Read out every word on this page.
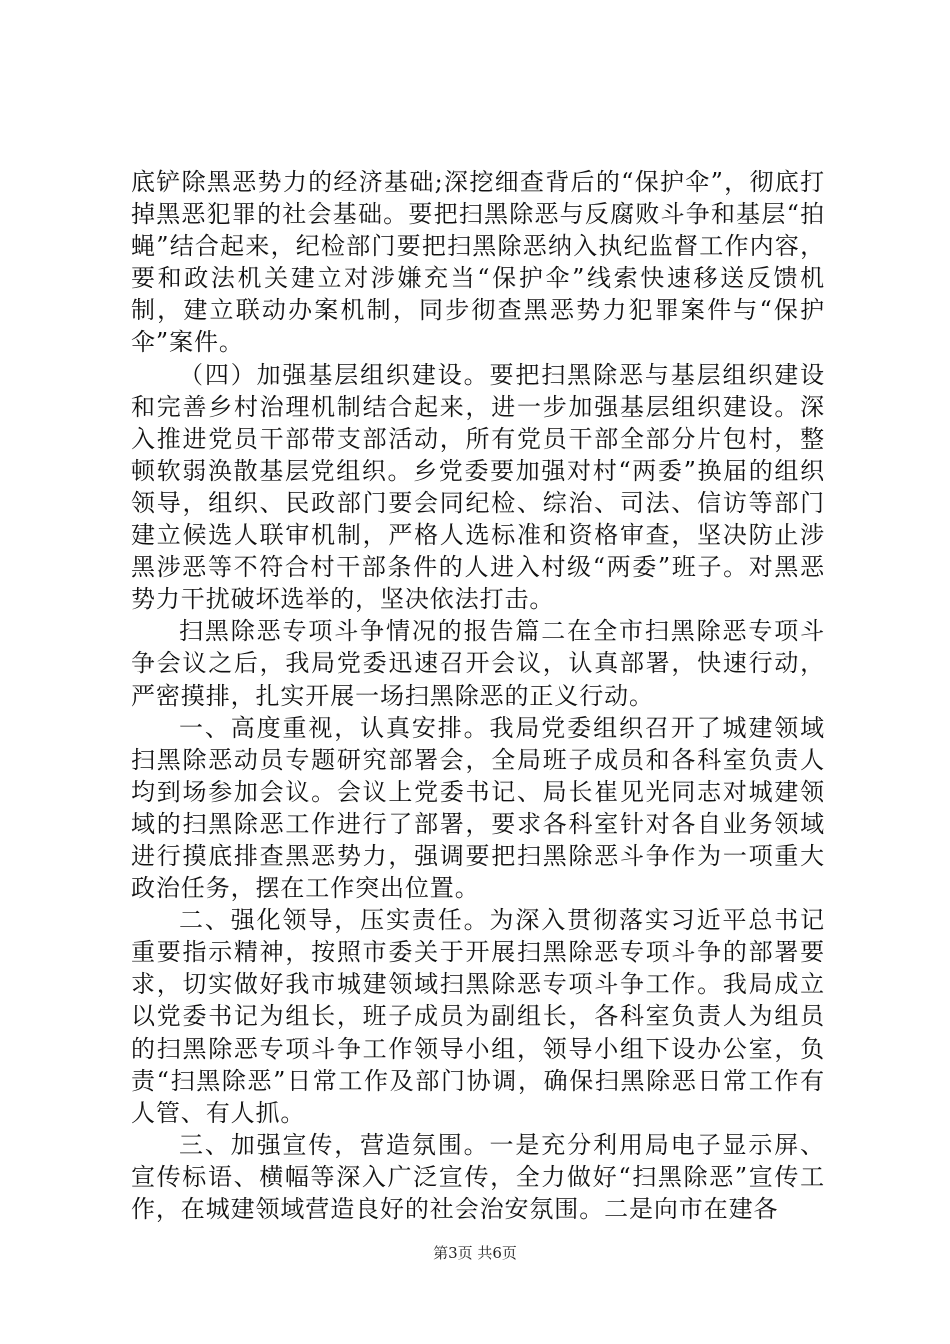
底铲除黑恶势力的经济基础;深挖细查背后的“保护伞”，彻底打掉黑恶犯罪的社会基础。要把扫黑除恶与反腐败斗争和基层“拍蝇”结合起来，纪检部门要把扫黑除恶纳入执纪监督工作内容，要和政法机关建立对涉嫌充当“保护伞”线索快速移送反馈机制，建立联动办案机制，同步彻查黑恶势力犯罪案件与“保护伞”案件。

（四）加强基层组织建设。要把扫黑除恶与基层组织建设和完善乡村治理机制结合起来，进一步加强基层组织建设。深入推进党员干部带支部活动，所有党员干部全部分片包村，整顿软弱涣散基层党组织。乡党委要加强对村“两委”换届的组织领导，组织、民政部门要会同纪检、综治、司法、信访等部门建立候选人联审机制，严格人选标准和资格审查，坚决防止涉黑涉恶等不符合村干部条件的人进入村级“两委”班子。对黑恶势力干扰破坏选举的，坚决依法打击。

扫黑除恶专项斗争情况的报告篇二在全市扫黑除恶专项斗争会议之后，我局党委迅速召开会议，认真部署，快速行动，严密摸排，扎实开展一场扫黑除恶的正义行动。

一、高度重视，认真安排。我局党委组织召开了城建领域扫黑除恶动员专题研究部署会，全局班子成员和各科室负责人均到场参加会议。会议上党委书记、局长崔见光同志对城建领域的扫黑除恶工作进行了部署，要求各科室针对各自业务领域进行摸底排查黑恶势力，强调要把扫黑除恶斗争作为一项重大政治任务，摆在工作突出位置。

二、强化领导，压实责任。为深入贯彻落实习近平总书记重要指示精神，按照市委关于开展扫黑除恶专项斗争的部署要求，切实做好我市城建领域扫黑除恶专项斗争工作。我局成立以党委书记为组长，班子成员为副组长，各科室负责人为组员的扫黑除恶专项斗争工作领导小组，领导小组下设办公室，负责“扫黑除恶”日常工作及部门协调，确保扫黑除恶日常工作有人管、有人抓。

三、加强宣传，营造氛围。一是充分利用局电子显示屏、宣传标语、横幅等深入广泛宣传，全力做好“扫黑除恶”宣传工作，在城建领域营造良好的社会治安氛围。二是向市在建各

第3页 共6页
